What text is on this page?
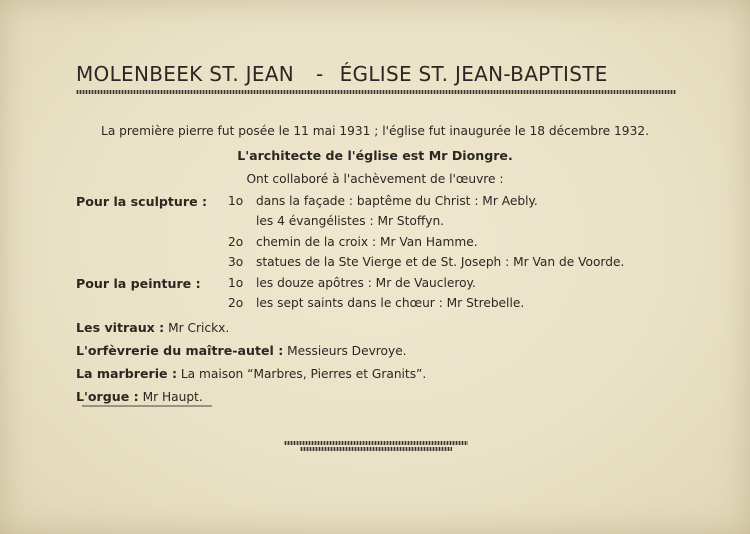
MOLENBEEK ST. JEAN - ÉGLISE ST. JEAN-BAPTISTE
La première pierre fut posée le 11 mai 1931 ; l'église fut inaugurée le 18 décembre 1932.
L'architecte de l'église est Mr Diongre.
Ont collaboré à l'achèvement de l'œuvre :
Pour la sculpture : 1o dans la façade : baptême du Christ : Mr Aebly.
les 4 évangélistes : Mr Stoffyn.
2o chemin de la croix : Mr Van Hamme.
3o statues de la Ste Vierge et de St. Joseph : Mr Van de Voorde.
Pour la peinture : 1o les douze apôtres : Mr de Vaucleroy.
2o les sept saints dans le chœur : Mr Strebelle.
Les vitraux : Mr Crickx.
L'orfèvrerie du maître-autel : Messieurs Devroye.
La marbrerie : La maison “Marbres, Pierres et Granits”.
L'orgue : Mr Haupt.
